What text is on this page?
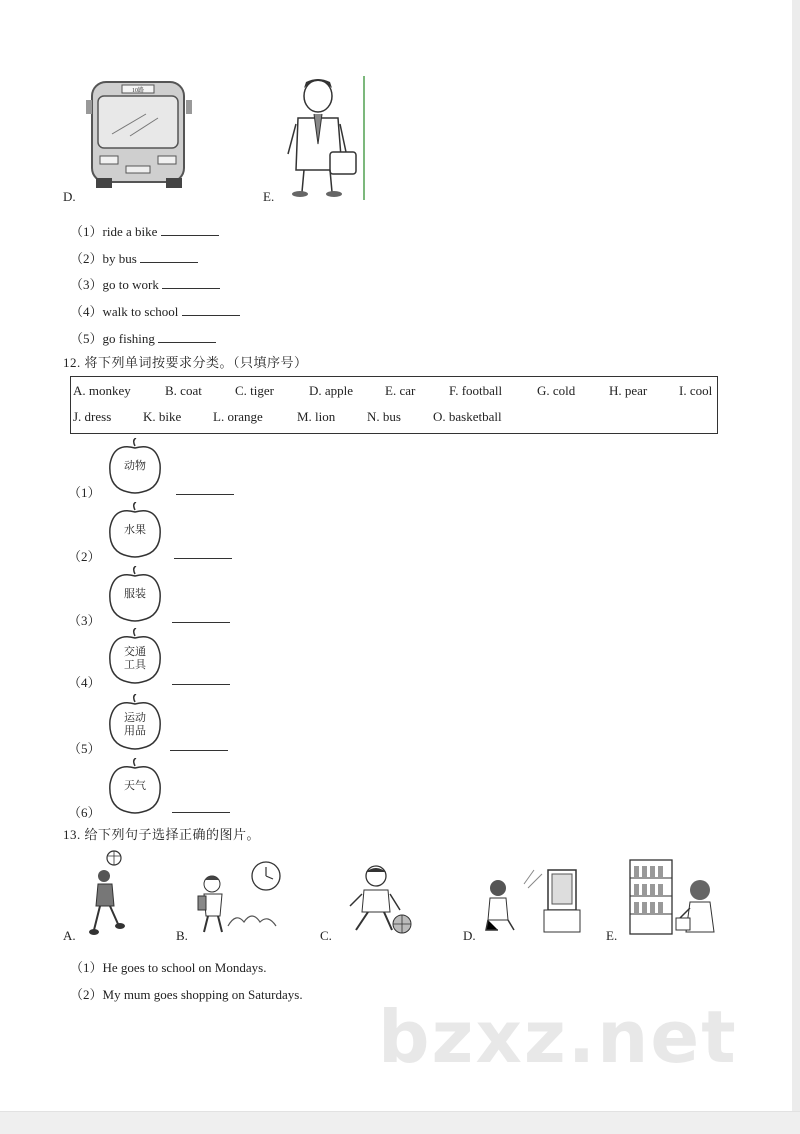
10路
D.	E.
（1）ride a bike
（2）by bus
（3）go to work
（4）walk to school
（5）go fishing
12. 将下列单词按要求分类。（只填序号）
A. monkey	B. coat	C. tiger	D. apple E. car	F. football	G. cold	H. pear I. cool
J. dress K. bike L. orange	M. lion N. bus O. basketball
（1）
动物
（2）
水果
（3）
服装
（4）
交通
工具
（5）
运动
用品
（6）
天气
13. 给下列句子选择正确的图片。
A.	B.	C.	D.	E.
（1）He goes to school on Mondays.
（2）My mum goes shopping on Saturdays.
bzxz.net
